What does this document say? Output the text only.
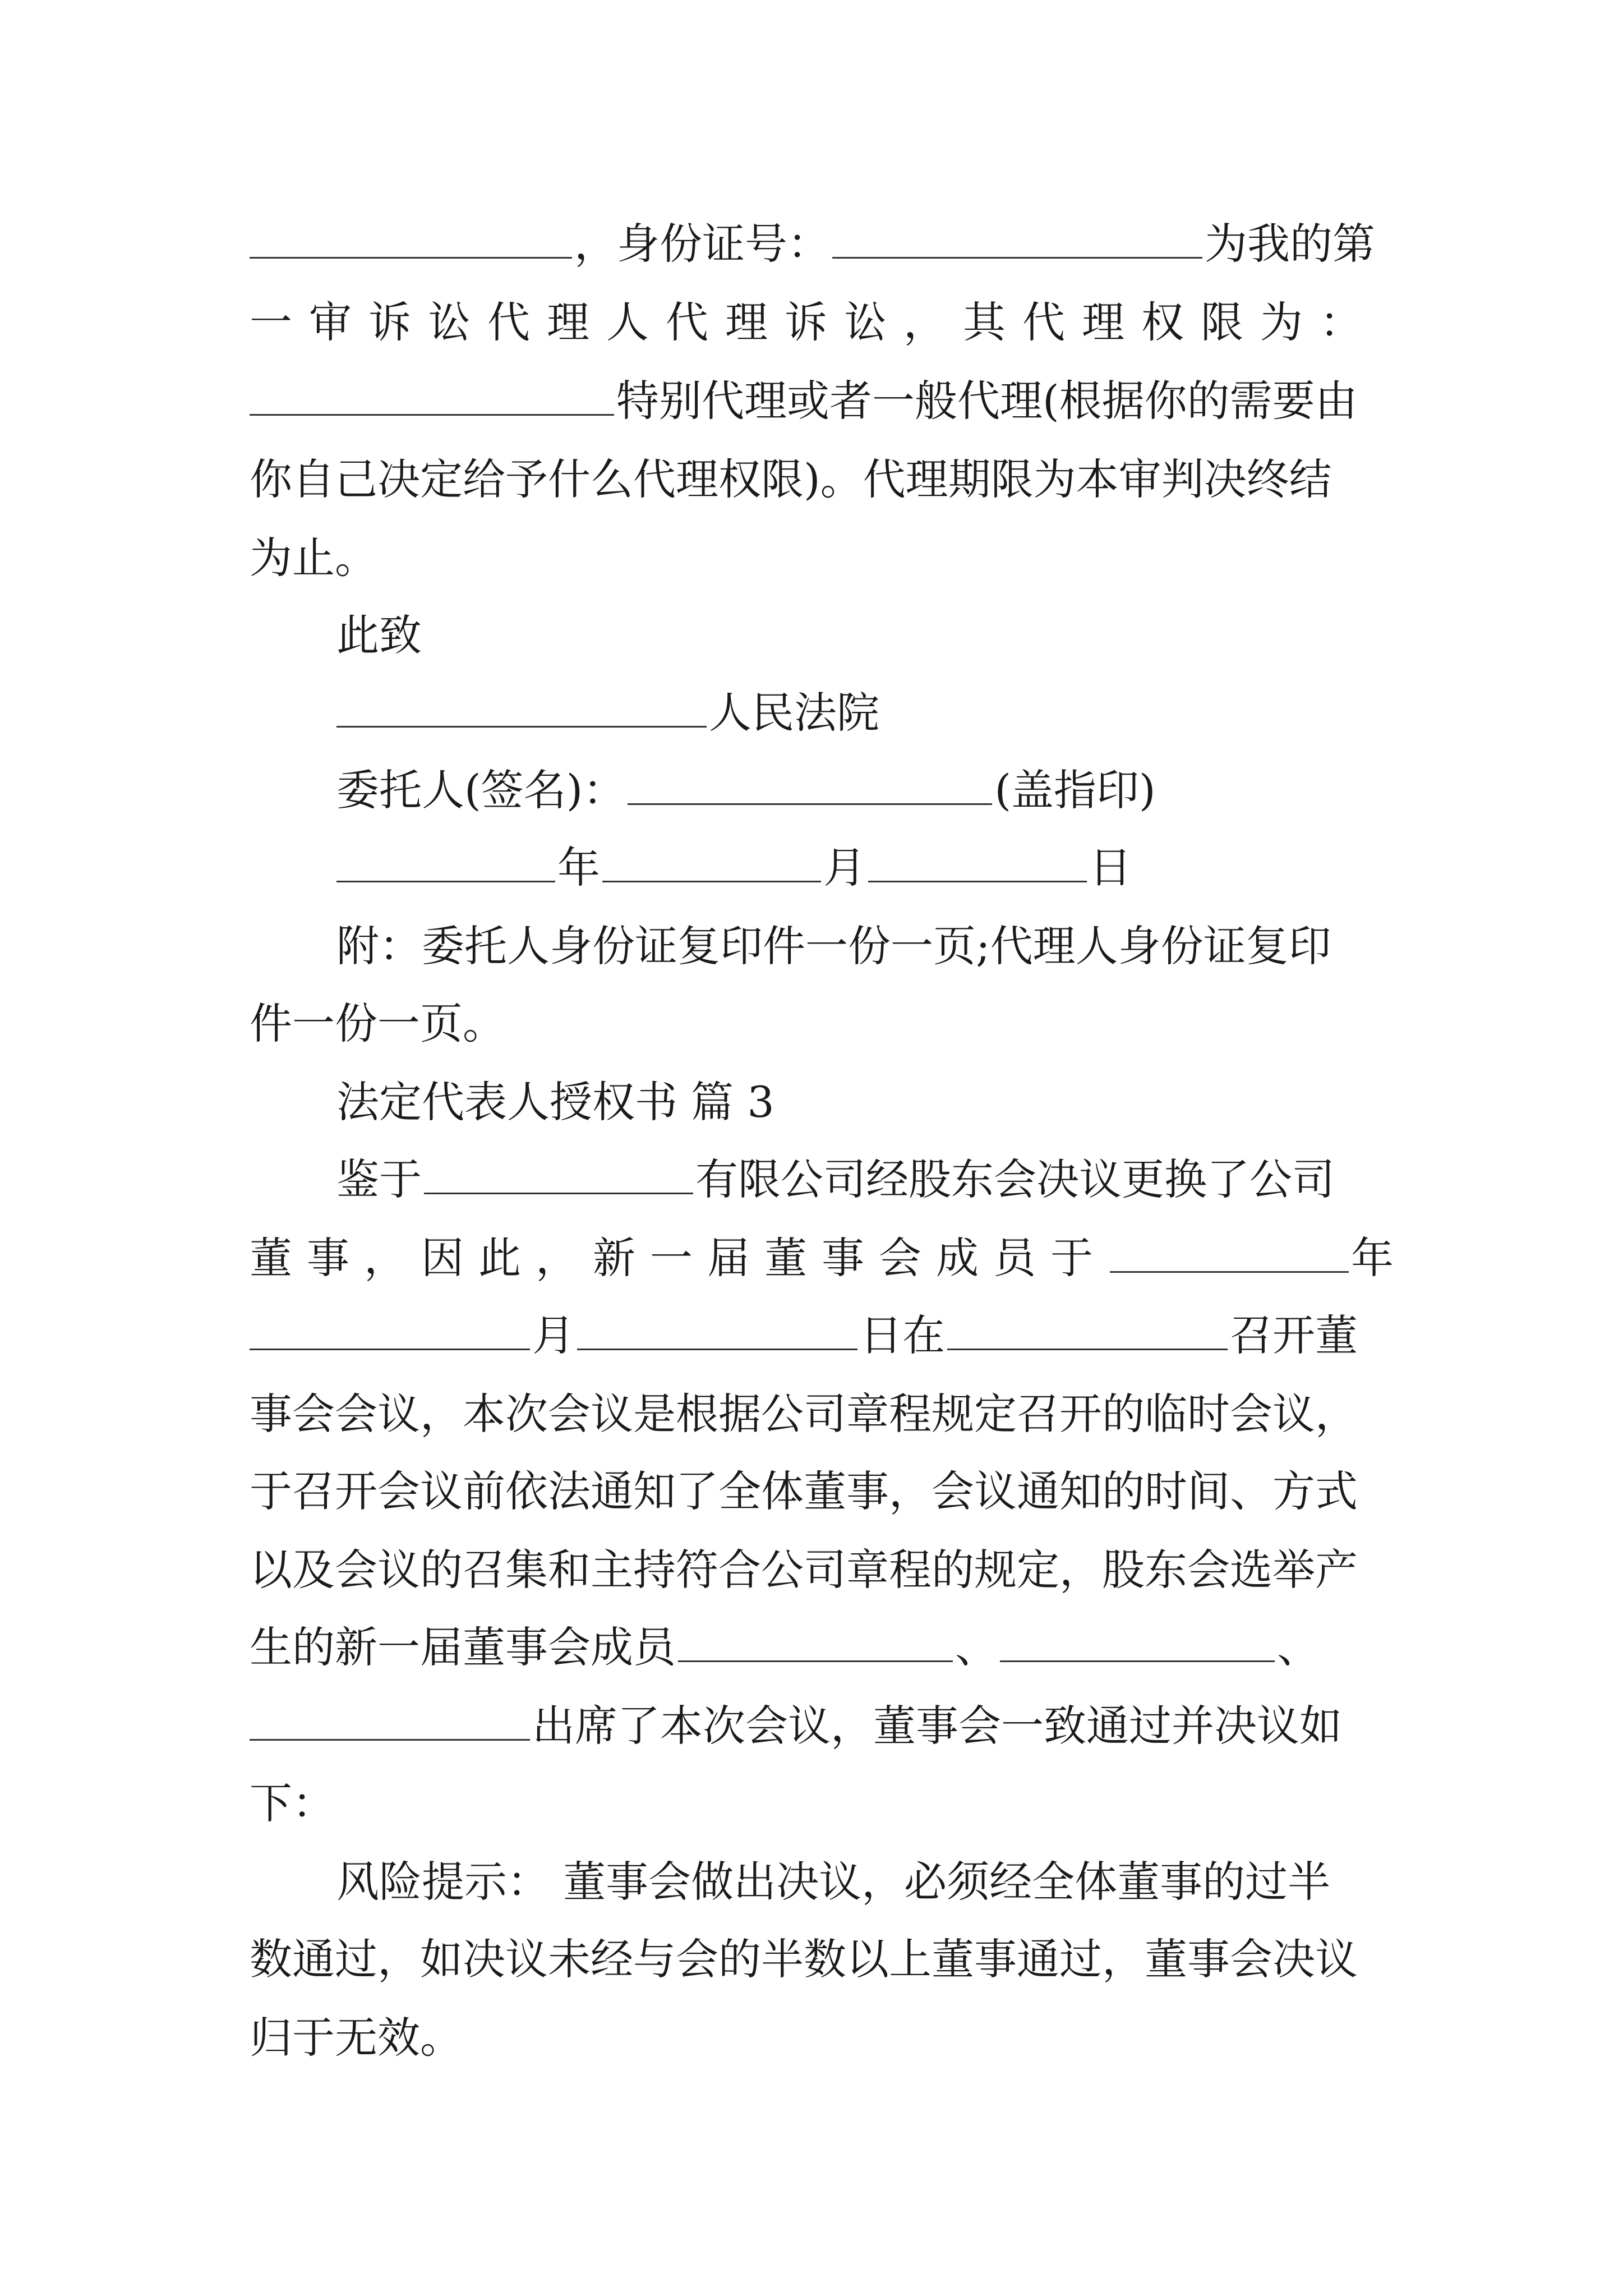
，身份证号：	为我的第
一审诉讼代理人代理诉讼，其代理权限为：
特别代理或者一般代理(根据你的需要由
你自己决定给予什么代理权限)。代理期限为本审判决终结
为止。
此致
人民法院
委托人(签名)：	(盖指印)
年	月	日
附：委托人身份证复印件一份一页;代理人身份证复印
件一份一页。
法定代表人授权书 篇 3
鉴于	有限公司经股东会决议更换了公司
董事，因此，新一届董事会成员于	年
月	日在	召开董
事会会议，本次会议是根据公司章程规定召开的临时会议，
于召开会议前依法通知了全体董事，会议通知的时间、方式
以及会议的召集和主持符合公司章程的规定，股东会选举产
生的新一届董事会成员	、	、
出席了本次会议，董事会一致通过并决议如
下：
风险提示： 董事会做出决议，必须经全体董事的过半
数通过，如决议未经与会的半数以上董事通过，董事会决议
归于无效。
